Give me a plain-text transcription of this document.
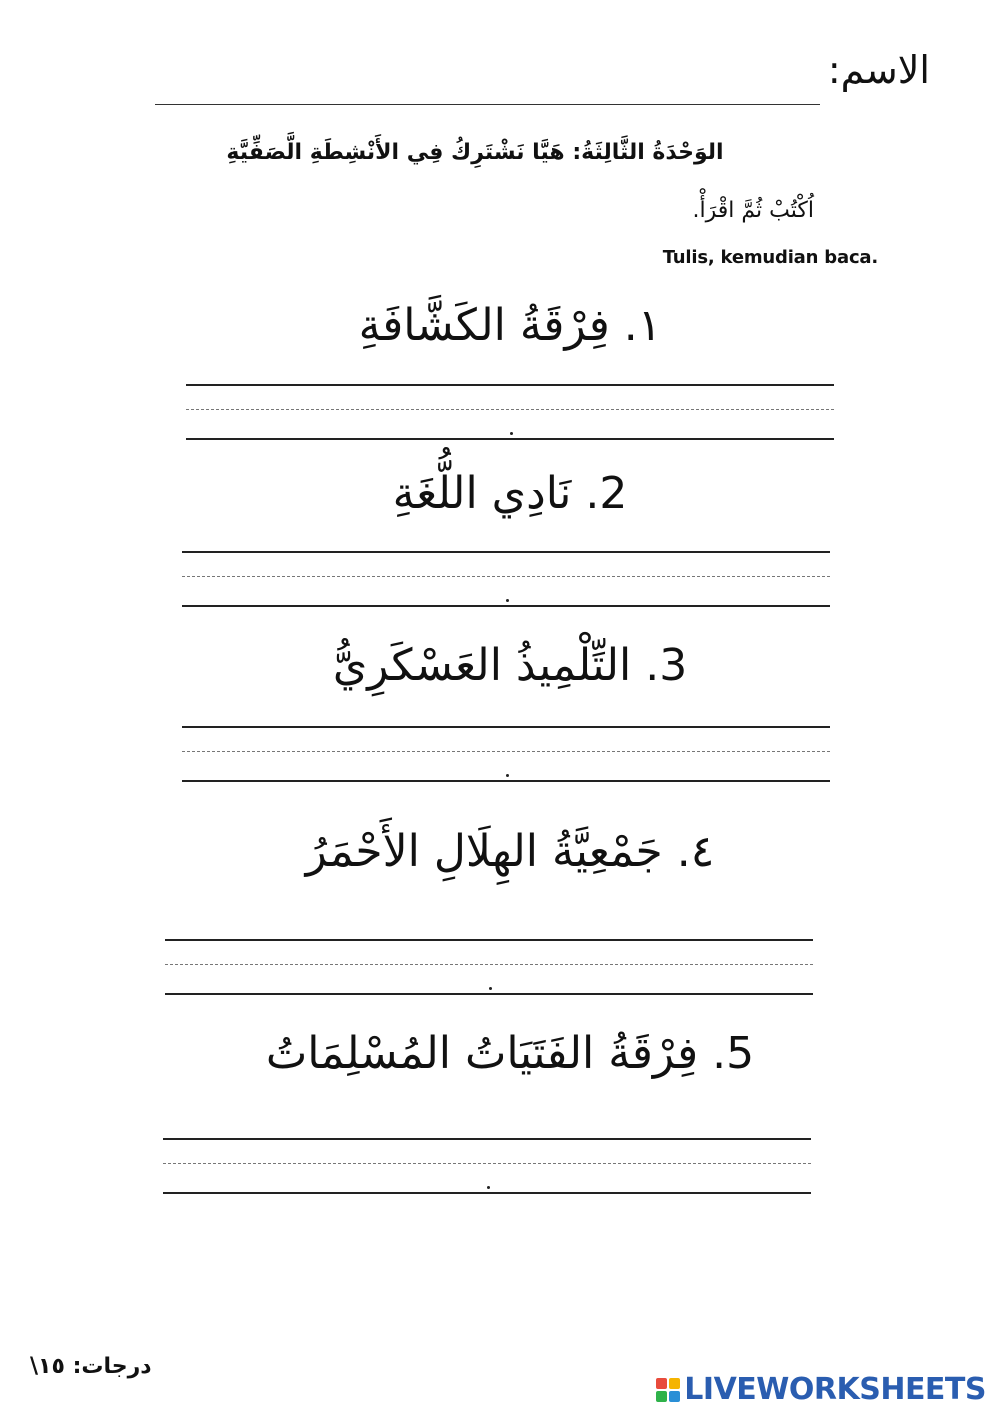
الاسم:
الوَحْدَةُ الثَّالِثَةُ: هَيَّا نَشْتَرِكُ فِي الأَنْشِطَةِ الَّصَفِّيَّةِ
اُكْتُبْ ثُمَّ اقْرَأْ.
Tulis, kemudian baca.
١. فِرْقَةُ الكَشَّافَةِ
2. نَادِي اللُّغَةِ
3. التِّلْمِيذُ العَسْكَرِيُّ
٤. جَمْعِيَّةُ الهِلَالِ الأَحْمَرُ
5. فِرْقَةُ الفَتَيَاتُ المُسْلِمَاتُ
درجات: ١٥\
LIVEWORKSHEETS
